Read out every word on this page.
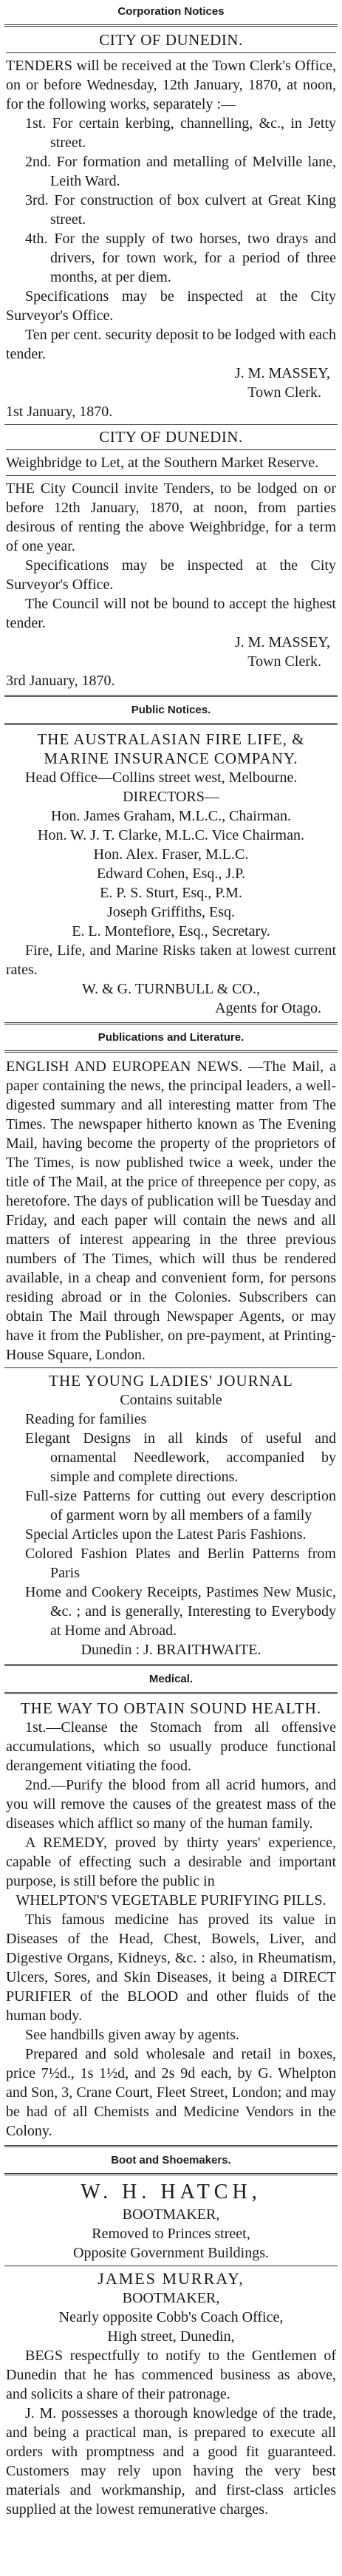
Corporation Notices
CITY OF DUNEDIN.

TENDERS will be received at the Town Clerk's Office, on or before Wednesday, 12th January, 1870, at noon, for the following works, separately :—

1st. For certain kerbing, channelling, &c., in Jetty street.

2nd. For formation and metalling of Melville lane, Leith Ward.

3rd. For construction of box culvert at Great King street.

4th. For the supply of two horses, two drays and drivers, for town work, for a period of three months, at per diem.

Specifications may be inspected at the City Surveyor's Office.

Ten per cent. security deposit to be lodged with each tender.

J. M. MASSEY,

Town Clerk.

1st January, 1870.

CITY OF DUNEDIN.

Weighbridge to Let, at the Southern Market Reserve.

THE City Council invite Tenders, to be lodged on or before 12th January, 1870, at noon, from parties desirous of renting the above Weighbridge, for a term of one year.

Specifications may be inspected at the City Surveyor's Office.

The Council will not be bound to accept the highest tender.

J. M. MASSEY,

Town Clerk.

3rd January, 1870.

Public Notices.

THE AUSTRALASIAN FIRE LIFE, & MARINE INSURANCE COMPANY.

Head Office—Collins street west, Melbourne.

DIRECTORS—

Hon. James Graham, M.L.C., Chairman.

Hon. W. J. T. Clarke, M.L.C. Vice Chairman.

Hon. Alex. Fraser, M.L.C.

Edward Cohen, Esq., J.P.

E. P. S. Sturt, Esq., P.M.

Joseph Griffiths, Esq.

E. L. Montefiore, Esq., Secretary.

Fire, Life, and Marine Risks taken at lowest current rates.

W. & G. TURNBULL & CO.,

Agents for Otago.

Publications and Literature.

ENGLISH AND EUROPEAN NEWS. —The Mail, a paper containing the news, the principal leaders, a well-digested summary and all interesting matter from The Times. The newspaper hitherto known as The Evening Mail, having become the property of the proprietors of The Times, is now published twice a week, under the title of The Mail, at the price of threepence per copy, as heretofore. The days of publication will be Tuesday and Friday, and each paper will contain the news and all matters of interest appearing in the three previous numbers of The Times, which will thus be rendered available, in a cheap and convenient form, for persons residing abroad or in the Colonies. Subscribers can obtain The Mail through Newspaper Agents, or may have it from the Publisher, on pre-payment, at Printing-House Square, London.

THE YOUNG LADIES' JOURNAL

Contains suitable

Reading for families

Elegant Designs in all kinds of useful and ornamental Needlework, accompanied by simple and complete directions.

Full-size Patterns for cutting out every description of garment worn by all members of a family

Special Articles upon the Latest Paris Fashions.

Colored Fashion Plates and Berlin Patterns from Paris

Home and Cookery Receipts, Pastimes New Music, &c. ; and is generally, Interesting to Everybody at Home and Abroad.

Dunedin : J. BRAITHWAITE.

Medical.

THE WAY TO OBTAIN SOUND HEALTH.

1st.—Cleanse the Stomach from all offensive accumulations, which so usually produce functional derangement vitiating the food.

2nd.—Purify the blood from all acrid humors, and you will remove the causes of the greatest mass of the diseases which afflict so many of the human family.

A REMEDY, proved by thirty years' experience, capable of effecting such a desirable and important purpose, is still before the public in

WHELPTON'S VEGETABLE PURIFYING PILLS.

This famous medicine has proved its value in Diseases of the Head, Chest, Bowels, Liver, and Digestive Organs, Kidneys, &c. : also, in Rheumatism, Ulcers, Sores, and Skin Diseases, it being a DIRECT PURIFIER of the BLOOD and other fluids of the human body.

See handbills given away by agents.

Prepared and sold wholesale and retail in boxes, price 7½d., 1s 1½d, and 2s 9d each, by G. Whelpton and Son, 3, Crane Court, Fleet Street, London; and may be had of all Chemists and Medicine Vendors in the Colony.

Boot and Shoemakers.

W. H. HATCH,

BOOTMAKER,

Removed to Princes street,

Opposite Government Buildings.

JAMES MURRAY,

BOOTMAKER,

Nearly opposite Cobb's Coach Office,

High street, Dunedin,

BEGS respectfully to notify to the Gentlemen of Dunedin that he has commenced business as above, and solicits a share of their patronage.

J. M. possesses a thorough knowledge of the trade, and being a practical man, is prepared to execute all orders with promptness and a good fit guaranteed. Customers may rely upon having the very best materials and workmanship, and first-class articles supplied at the lowest remunerative charges.
